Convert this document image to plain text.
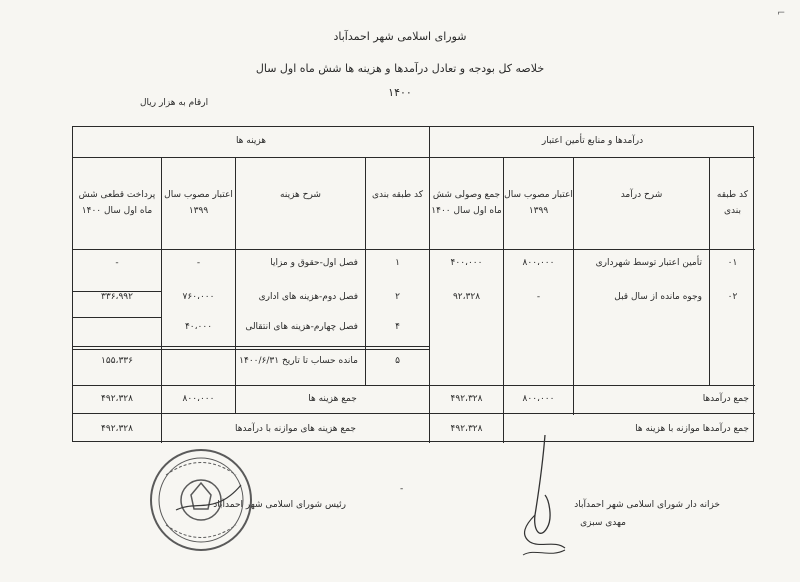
شورای اسلامی شهر احمدآباد
خلاصه کل بودجه و تعادل درآمدها و هزینه ها شش ماه اول سال
۱۴۰۰
ارقام به هزار ریال
⌐
درآمدها و منابع تأمین اعتبار
هزینه ها
کد طبقه بندی
شرح درآمد
اعتبار مصوب سال ۱۳۹۹
جمع وصولی شش ماه اول سال ۱۴۰۰
کد طبقه بندی
شرح هزینه
اعتبار مصوب سال ۱۳۹۹
پرداخت قطعی شش ماه اول سال ۱۴۰۰
۰۱
تأمین اعتبار توسط شهرداری
۸۰۰،۰۰۰
۴۰۰،۰۰۰
۰۲
وجوه مانده از سال قبل
-
۹۲،۳۲۸
۱
فصل اول-حقوق و مزایا
-
-
۲
فصل دوم-هزینه های اداری
۷۶۰،۰۰۰
۳۳۶،۹۹۲
۴
فصل چهارم-هزینه های انتقالی
۴۰،۰۰۰
۵
مانده حساب تا تاریخ ۱۴۰۰/۶/۳۱
۱۵۵،۳۳۶
جمع درآمدها
۸۰۰،۰۰۰
۴۹۲،۳۲۸
جمع هزینه ها
۸۰۰،۰۰۰
۴۹۲،۳۲۸
جمع درآمدها موازنه با هزینه ها
۴۹۲،۳۲۸
جمع هزینه های موازنه با درآمدها
۴۹۲،۳۲۸
-
خزانه دار شورای اسلامی شهر احمدآباد
مهدی سبزی
رئیس شورای اسلامی شهر احمدآباد
